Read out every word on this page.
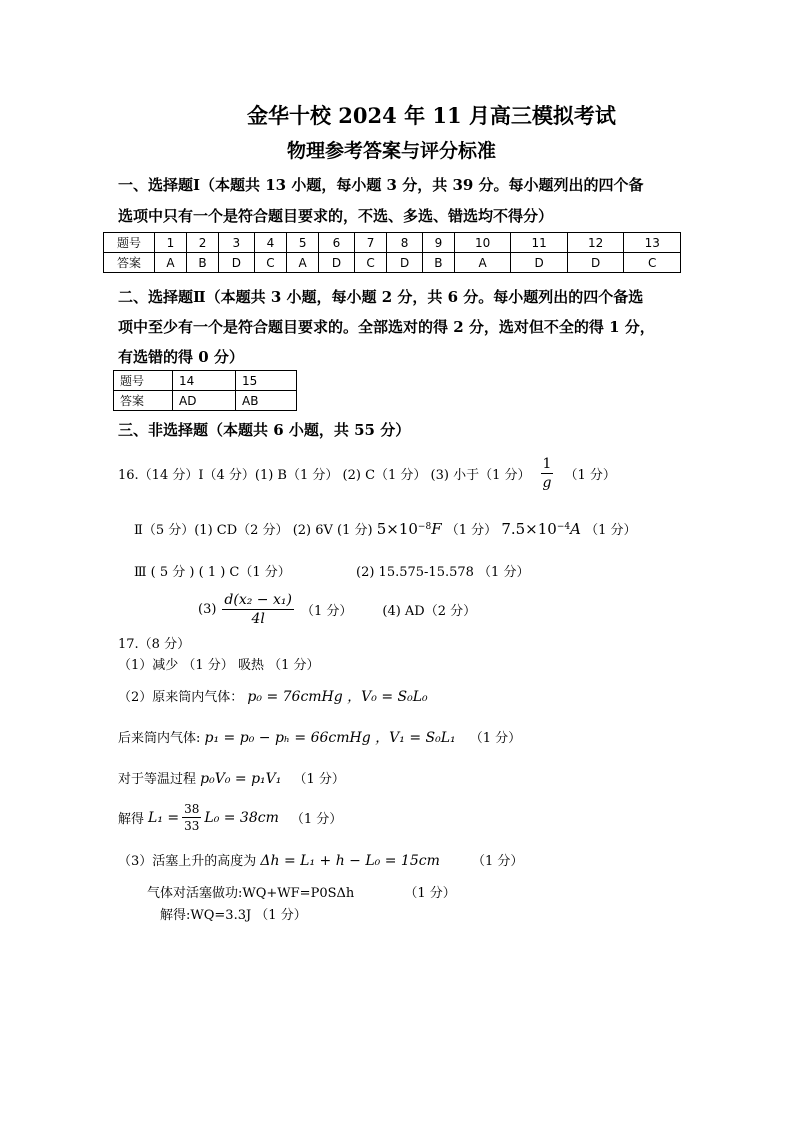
金华十校 2024 年 11 月高三模拟考试
物理参考答案与评分标准
一、选择题Ⅰ（本题共 13 小题，每小题 3 分，共 39 分。每小题列出的四个备
选项中只有一个是符合题目要求的，不选、多选、错选均不得分）
题号	1	2	3	4	5	6	7	8	9	10	11	12	13
答案	A	B	D	C	A	D	C	D	B	A	D	D	C
二、选择题Ⅱ（本题共 3 小题，每小题 2 分，共 6 分。每小题列出的四个备选
项中至少有一个是符合题目要求的。全部选对的得 2 分，选对但不全的得 1 分，
有选错的得 0 分）
题号	14	15
答案	AD	AB
三、非选择题（本题共 6 小题，共 55 分）
16.（14 分）Ⅰ（4 分）(1) B（1 分） (2) C（1 分） (3) 小于（1 分） $\frac{1}{g} (1$ 分）
Ⅱ（5 分）(1) CD（2 分） (2) 6V (1 分) $5\times 10^{-8}F$ （1 分） $7.5\times 10^{-4}A$ （1 分）
Ⅲ ( 5 分 ) ( 1 ) C（1 分）	(2) 15.575-15.578 （1 分）
$(3) \frac{\text{d(x₂ − x₁)}}{4l} (1$ 分） (4) AD（2 分）
17.（8 分）
（1）减少 （1 分） 吸热 （1 分）
（2）原来筒内气体： p₀ = 76cmHg ，V₀ = S₀L₀
后来筒内气体: p₁ = p₀ − pₕ = 66cmHg ，V₁ = S₀L₁ （1 分）
对于等温过程 p₀V₀ = p₁V₁ （1 分）
解得 $L_1 = \frac{38}{33} L_0 = 38cm$ （1 分）
（3）活塞上升的高度为 Δh = L₁ + h − L₀ = 15cm （1 分）
气体对活塞做功:WQ+WF=P0SΔh	（1 分）
解得:WQ=3.3J （1 分）
